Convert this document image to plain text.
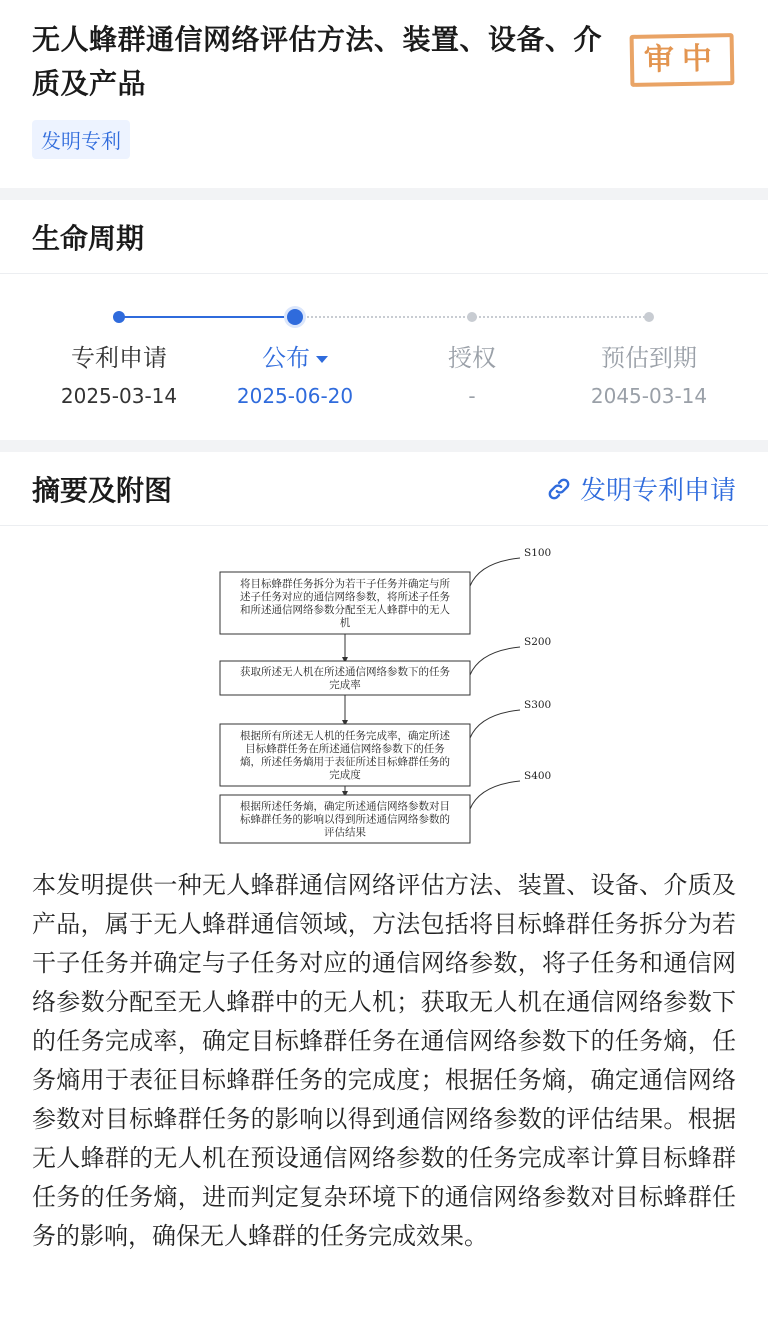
无人蜂群通信网络评估方法、装置、设备、介质及产品
发明专利
审中
生命周期
专利申请
2025-03-14
公布
2025-06-20
授权
-
预估到期
2045-03-14
摘要及附图	发明专利申请
将目标蜂群任务拆分为若干子任务并确定与所
述子任务对应的通信网络参数，将所述子任务
和所述通信网络参数分配至无人蜂群中的无人
机
S100
获取所述无人机在所述通信网络参数下的任务
完成率
S200
根据所有所述无人机的任务完成率，确定所述
目标蜂群任务在所述通信网络参数下的任务
熵，所述任务熵用于表征所述目标蜂群任务的
完成度
S300
根据所述任务熵，确定所述通信网络参数对目
标蜂群任务的影响以得到所述通信网络参数的
评估结果
S400
本发明提供一种无人蜂群通信网络评估方法、装置、设备、介质及产品，属于无人蜂群通信领域，方法包括将目标蜂群任务拆分为若干子任务并确定与子任务对应的通信网络参数，将子任务和通信网络参数分配至无人蜂群中的无人机；获取无人机在通信网络参数下的任务完成率，确定目标蜂群任务在通信网络参数下的任务熵，任务熵用于表征目标蜂群任务的完成度；根据任务熵，确定通信网络参数对目标蜂群任务的影响以得到通信网络参数的评估结果。根据无人蜂群的无人机在预设通信网络参数的任务完成率计算目标蜂群任务的任务熵，进而判定复杂环境下的通信网络参数对目标蜂群任务的影响，确保无人蜂群的任务完成效果。
